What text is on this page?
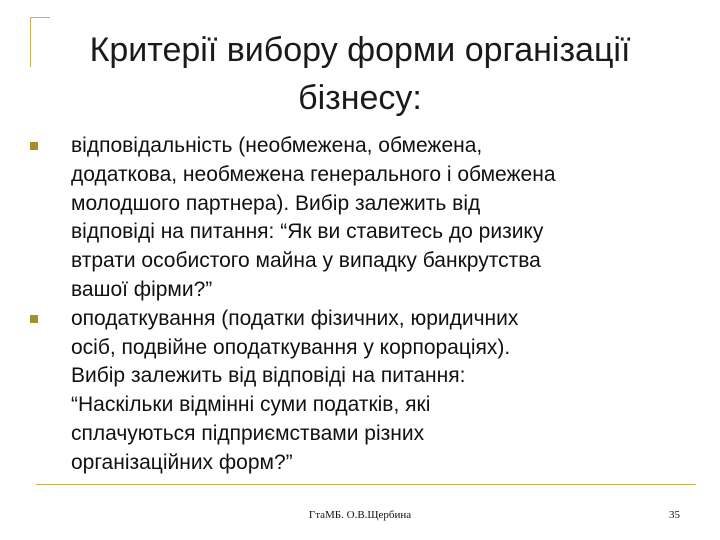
Критерії вибору форми організації
бізнесу:
відповідальність (необмежена, обмежена,
додаткова, необмежена генерального і обмежена
молодшого партнера). Вибір залежить від
відповіді на питання: “Як ви ставитесь до ризику
втрати особистого майна у випадку банкрутства
вашої фірми?”
оподаткування (податки фізичних, юридичних
осіб, подвійне оподаткування у корпораціях).
Вибір залежить від відповіді на питання:
“Наскільки відмінні суми податків, які
сплачуються підприємствами різних
організаційних форм?”
ГтаМБ. О.В.Щербина	35
